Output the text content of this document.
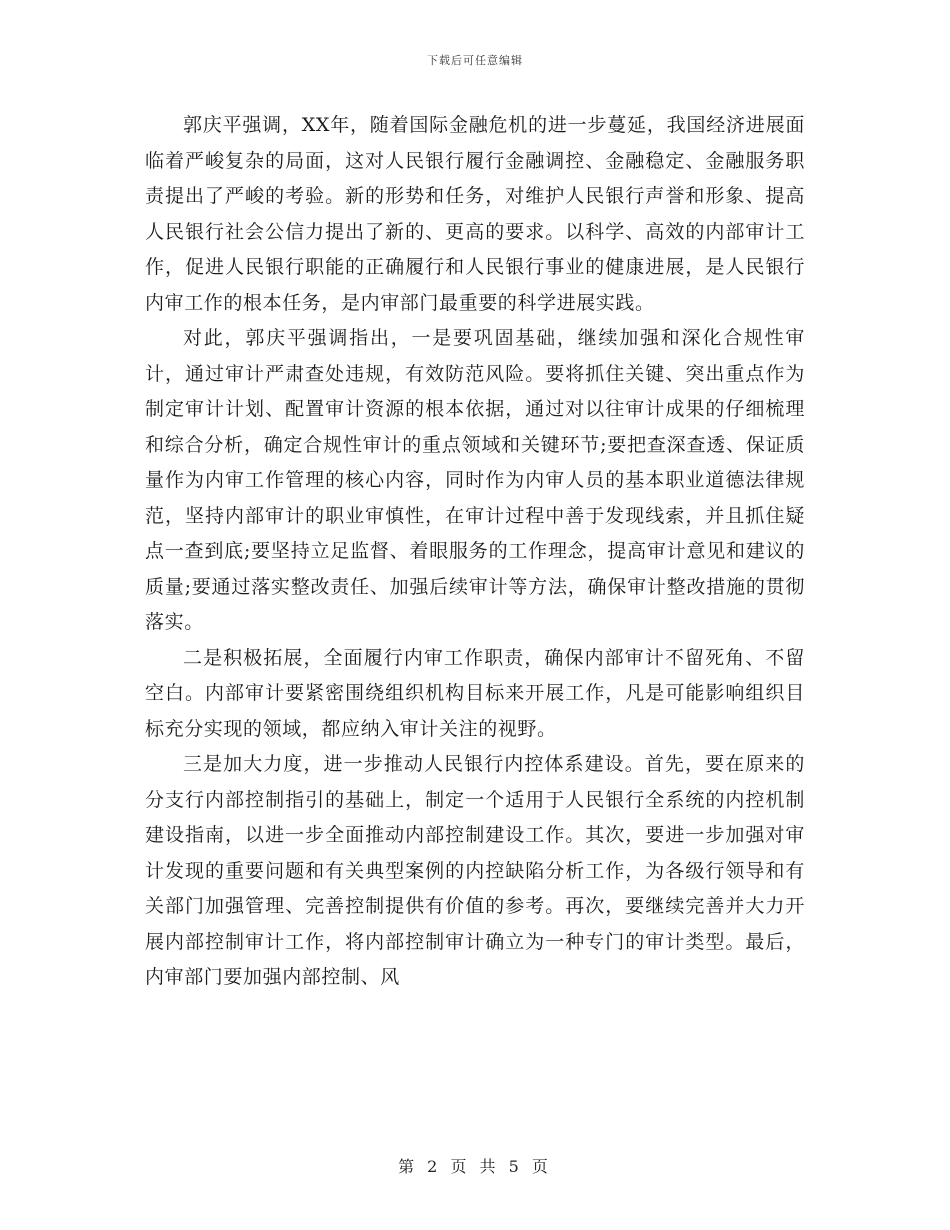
下载后可任意编辑

郭庆平强调，XX年，随着国际金融危机的进一步蔓延，我国经济进展面临着严峻复杂的局面，这对人民银行履行金融调控、金融稳定、金融服务职责提出了严峻的考验。新的形势和任务，对维护人民银行声誉和形象、提高人民银行社会公信力提出了新的、更高的要求。以科学、高效的内部审计工作，促进人民银行职能的正确履行和人民银行事业的健康进展，是人民银行内审工作的根本任务，是内审部门最重要的科学进展实践。

对此，郭庆平强调指出，一是要巩固基础，继续加强和深化合规性审计，通过审计严肃查处违规，有效防范风险。要将抓住关键、突出重点作为制定审计计划、配置审计资源的根本依据，通过对以往审计成果的仔细梳理和综合分析，确定合规性审计的重点领域和关键环节;要把查深查透、保证质量作为内审工作管理的核心内容，同时作为内审人员的基本职业道德法律规范，坚持内部审计的职业审慎性，在审计过程中善于发现线索，并且抓住疑点一查到底;要坚持立足监督、着眼服务的工作理念，提高审计意见和建议的质量;要通过落实整改责任、加强后续审计等方法，确保审计整改措施的贯彻落实。

二是积极拓展，全面履行内审工作职责，确保内部审计不留死角、不留空白。内部审计要紧密围绕组织机构目标来开展工作，凡是可能影响组织目标充分实现的领域，都应纳入审计关注的视野。

三是加大力度，进一步推动人民银行内控体系建设。首先，要在原来的分支行内部控制指引的基础上，制定一个适用于人民银行全系统的内控机制建设指南，以进一步全面推动内部控制建设工作。其次，要进一步加强对审计发现的重要问题和有关典型案例的内控缺陷分析工作，为各级行领导和有关部门加强管理、完善控制提供有价值的参考。再次，要继续完善并大力开展内部控制审计工作，将内部控制审计确立为一种专门的审计类型。最后，内审部门要加强内部控制、风

第 2 页 共 5 页
